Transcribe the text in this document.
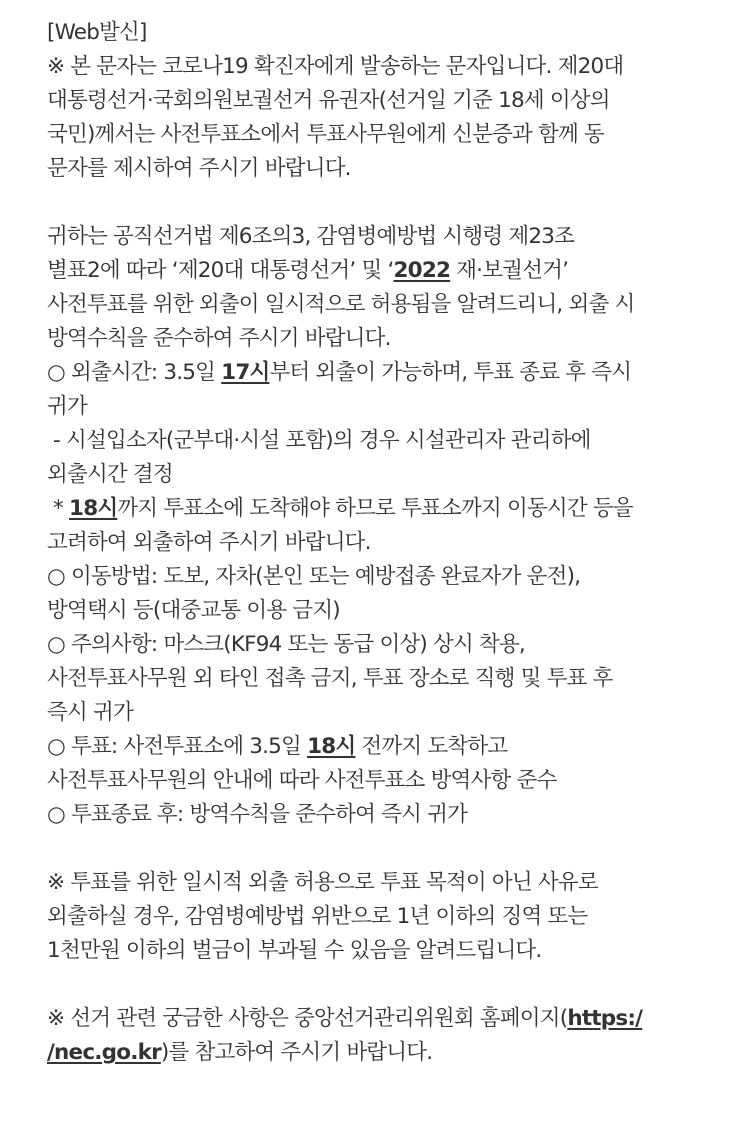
[Web발신]
※ 본 문자는 코로나19 확진자에게 발송하는 문자입니다. 제20대
대통령선거·국회의원보궐선거 유권자(선거일 기준 18세 이상의
국민)께서는 사전투표소에서 투표사무원에게 신분증과 함께 동
문자를 제시하여 주시기 바랍니다.
귀하는 공직선거법 제6조의3, 감염병예방법 시행령 제23조
별표2에 따라 ‘제20대 대통령선거’ 및 ‘2022 재·보궐선거’
사전투표를 위한 외출이 일시적으로 허용됨을 알려드리니, 외출 시
방역수칙을 준수하여 주시기 바랍니다.
○ 외출시간: 3.5일 17시부터 외출이 가능하며, 투표 종료 후 즉시
귀가
- 시설입소자(군부대·시설 포함)의 경우 시설관리자 관리하에
외출시간 결정
* 18시까지 투표소에 도착해야 하므로 투표소까지 이동시간 등을
고려하여 외출하여 주시기 바랍니다.
○ 이동방법: 도보, 자차(본인 또는 예방접종 완료자가 운전),
방역택시 등(대중교통 이용 금지)
○ 주의사항: 마스크(KF94 또는 동급 이상) 상시 착용,
사전투표사무원 외 타인 접촉 금지, 투표 장소로 직행 및 투표 후
즉시 귀가
○ 투표: 사전투표소에 3.5일 18시 전까지 도착하고
사전투표사무원의 안내에 따라 사전투표소 방역사항 준수
○ 투표종료 후: 방역수칙을 준수하여 즉시 귀가
※ 투표를 위한 일시적 외출 허용으로 투표 목적이 아닌 사유로
외출하실 경우, 감염병예방법 위반으로 1년 이하의 징역 또는
1천만원 이하의 벌금이 부과될 수 있음을 알려드립니다.
※ 선거 관련 궁금한 사항은 중앙선거관리위원회 홈페이지(https:/
/nec.go.kr)를 참고하여 주시기 바랍니다.
